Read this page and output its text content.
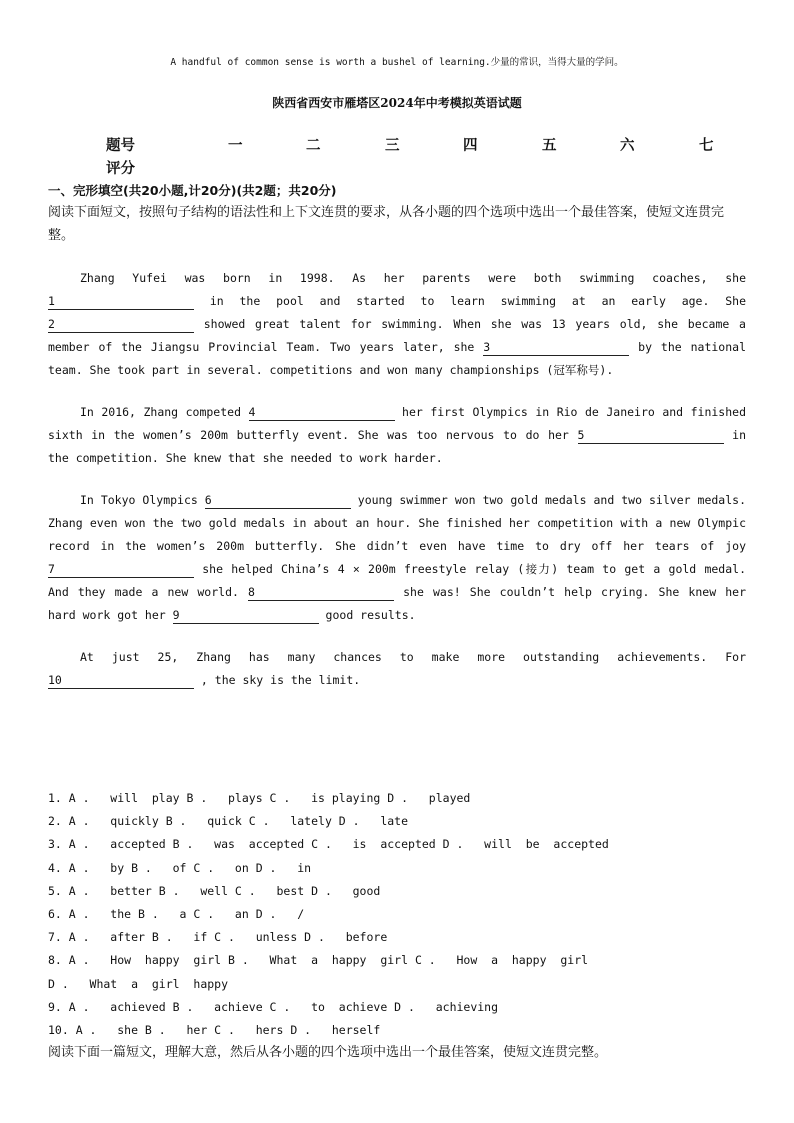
A handful of common sense is worth a bushel of learning.少量的常识，当得大量的学问。
陕西省西安市雁塔区2024年中考模拟英语试题
题号	一	二	三	四	五	六	七
评分
一、完形填空(共20小题,计20分)(共2题；共20分)
阅读下面短文，按照句子结构的语法性和上下文连贯的要求，从各小题的四个选项中选出一个最佳答案，使短文连贯完整。

Zhang Yufei was born in 1998. As her parents were both swimming coaches, she 1	in the pool and started to learn swimming at an early age. She 2	showed great talent for swimming. When she was 13 years old, she became a member of the Jiangsu Provincial Team. Two years later, she 3	by the national team. She took part in several. competitions and won many championships (冠军称号).

In 2016, Zhang competed 4	her first Olympics in Rio de Janeiro and finished sixth in the women’s 200m butterfly event. She was too nervous to do her 5	in the competition. She knew that she needed to work harder.

In Tokyo Olympics 6	young swimmer won two gold medals and two silver medals. Zhang even won the two gold medals in about an hour. She finished her competition with a new Olympic record in the women’s 200m butterfly. She didn’t even have time to dry off her tears of joy 7	she helped China’s 4 × 200m freestyle relay (接力) team to get a gold medal. And they made a new world. 8	she was! She couldn’t help crying. She knew her hard work got her 9	good results.

At just 25, Zhang has many chances to make more outstanding achievements. For 10	, the sky is the limit.

1. A .   will  play B .   plays C .   is playing D .   played
2. A .   quickly B .   quick C .   lately D .   late
3. A .   accepted B .   was  accepted C .   is  accepted D .   will  be  accepted
4. A .   by B .   of C .   on D .   in
5. A .   better B .   well C .   best D .   good
6. A .   the B .   a C .   an D .   /
7. A .   after B .   if C .   unless D .   before
8. A .   How  happy  girl B .   What  a  happy  girl C .   How  a  happy  girl
D .   What  a  girl  happy
9. A .   achieved B .   achieve C .   to  achieve D .   achieving
10. A .   she B .   her C .   hers D .   herself
阅读下面一篇短文，理解大意，然后从各小题的四个选项中选出一个最佳答案，使短文连贯完整。
